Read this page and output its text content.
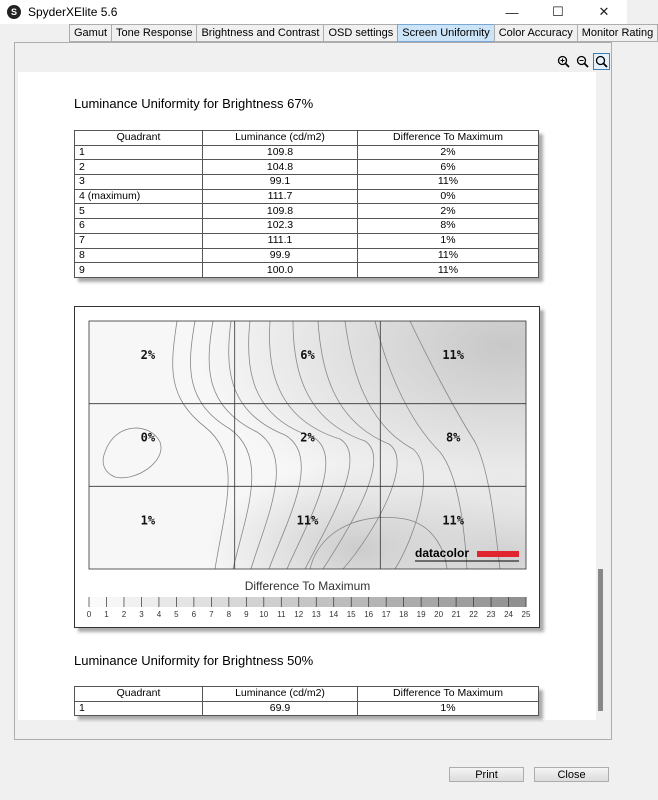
S SpyderXElite 5.6	—	☐	✕
Gamut Tone Response Brightness and Contrast OSD settings Screen Uniformity Color Accuracy Monitor Rating
Luminance Uniformity for Brightness 67%
Quadrant	Luminance (cd/m2)	Difference To Maximum
1	109.8	2%
2	104.8	6%
3	99.1	11%
4 (maximum)	111.7	0%
5	109.8	2%
6	102.3	8%
7	111.1	1%
8	99.9	11%
9	100.0	11%
2%	6%	11%
0%	2%	8%
1%	11%	11%
datacolor
Difference To Maximum
0 1 2 3 4 5 6 7 8 9 10 11 12 13 14 15 16 17 18 19 20 21 22 23 24 25
Luminance Uniformity for Brightness 50%
Quadrant	Luminance (cd/m2)	Difference To Maximum
1	69.9	1%
Print	Close
